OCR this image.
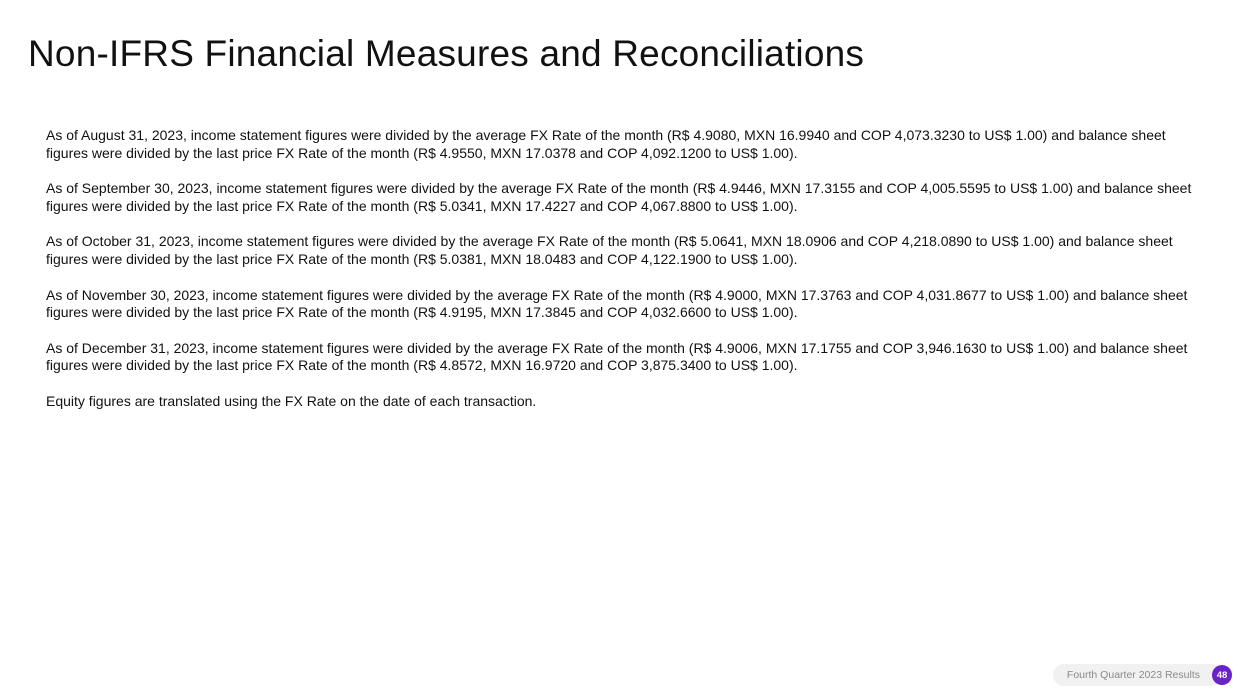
Non-IFRS Financial Measures and Reconciliations

As of August 31, 2023, income statement figures were divided by the average FX Rate of the month (R$ 4.9080, MXN 16.9940 and COP 4,073.3230 to US$ 1.00) and balance sheet figures were divided by the last price FX Rate of the month (R$ 4.9550, MXN 17.0378 and COP 4,092.1200 to US$ 1.00).

As of September 30, 2023, income statement figures were divided by the average FX Rate of the month (R$ 4.9446, MXN 17.3155 and COP 4,005.5595 to US$ 1.00) and balance sheet figures were divided by the last price FX Rate of the month (R$ 5.0341, MXN 17.4227 and COP 4,067.8800 to US$ 1.00).

As of October 31, 2023, income statement figures were divided by the average FX Rate of the month (R$ 5.0641, MXN 18.0906 and COP 4,218.0890 to US$ 1.00) and balance sheet figures were divided by the last price FX Rate of the month (R$ 5.0381, MXN 18.0483 and COP 4,122.1900 to US$ 1.00).

As of November 30, 2023, income statement figures were divided by the average FX Rate of the month (R$ 4.9000, MXN 17.3763 and COP 4,031.8677 to US$ 1.00) and balance sheet figures were divided by the last price FX Rate of the month (R$ 4.9195, MXN 17.3845 and COP 4,032.6600 to US$ 1.00).

As of December 31, 2023, income statement figures were divided by the average FX Rate of the month (R$ 4.9006, MXN 17.1755 and COP 3,946.1630 to US$ 1.00) and balance sheet figures were divided by the last price FX Rate of the month (R$ 4.8572, MXN 16.9720 and COP 3,875.3400 to US$ 1.00).

Equity figures are translated using the FX Rate on the date of each transaction.

Fourth Quarter 2023 Results	48
